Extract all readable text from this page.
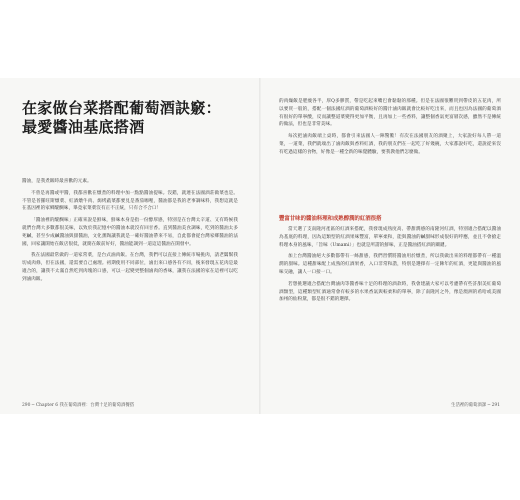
在家做台菜搭配葡萄酒訣竅：
最愛醬油基底搭酒

醬油，是我煮飯時最喜歡的元素。

不曾是再醬或甲醬，我都喜歡在燉煮的料理中加一點點醬油提味。沒錯，就連在法國酒莊做菜也是。不管是普羅旺斯燉菜、紅酒燉牛肉、焗烤蔬菜都要見是番茄咖哩，醬油都是我的老事調味料，我想這就是在基因裡的家鄉醍醐味，畢竟家菜菜沒有正不正統，只有合不合口！

「醬油裡的醍醐味」正確來說是鮮味，鮮味本身是指一份醇厚感，特別是在台灣太辛道、又有時候我就們台灣大多數都很美味，以致於我記憶中的醬油本就沒有回甘香。直到醬油美食調味，吃到的醬油太多死鹹，甚至少成鹹醬油與甜醬油，文化薰陶讓我就是一確好醬油帶來不易，自此都會從台灣家鄉醬油的法國，回家讓開始在飯店很低，就簡在飯前好好，醬油能調到一道這這醬油在開發中。

我在法國最常做的一道家常菜，是台式滷肉飯。在台灣，我們可以直接上傳統市場挑肉，請老闆幫我切成肉條，但在法國，還需要自己處理。初期使用不同部位，滷出來口感各有不同，後來發現五花肉是最適合的，讓我不太滿自然吃到肉塊的口感，可以一起變更整個滷肉的香味，讓我在法國的家在這裡可以吃到滷肉飯。

290 ─ Chapter 6 我在葡萄酒裡：台灣十足的葡萄酒餐搭

的肉燥飯是肥瘦各半，厚Q多膠質，帶是吃起來嘴巴會黏黏的那種。但是在法國很難買到帶皮的五花肉，所以要買一般的，搭配一個法國紅酒的葡萄酒較好的醬汁滷肉飯就會比較好吃出來，而且也因為法國的葡萄酒有很好的單寧酸，反而讓整道菜變得更加平衡，且再加上一些香料，讓整個香氣更富層次感，雖然不是傳統的做法，但也是非常美味。

每次把滷肉飯端上桌時，都會引來法國人一陣驚歎！有次在法國朋友的酒聚上，大家說好每人帶一道菜，一道菜，我們就端出了滷肉飯與香料紅酒，我的朋友們在一起吃了好幾碗，大家都說好吃，還說從來沒有吃過這樣的食物，好像是一種全新的味覺體驗，要我教他們怎麼做。

豐富甘味的醬油料理和成熟醇潤的紅酒很搭

當天選了支南隆河產區的紅酒來搭配，我發現成熟度高、帶甜潤感的南隆河紅酒，特別適合搭配以醬油為基底的料理，因為這類型的紅酒果味豐富，單寧柔和，能與醬油的鹹甜味形成很好的呼應，並且不會搶走料理本身的風味，「旨味（Umami）」也就是所謂的鮮味，正是醬油搭紅酒的關鍵。

加上台灣醬油絕大多數都帶有一絲甜感，我們習慣將醬油用於燉煮，所以我做出來的料理都帶有一種溫潤的甜味。這種甜味配上成熟的紅酒果香，入口非常和諧，特別是選擇有一定陳年的紅酒，更能與醬油的風味交融，讓人一口接一口。

若想挑選適合搭配台灣滷肉等醬香味十足的料理的酒款時，我會建議大家可以考慮帶有些許甜美紅葡萄酒類型，這種類型紅酒通常會有較多的水果香氣與較柔和的單寧，除了南隆河之外，像是澳洲的希哈或美國加州的仙粉黛，都是很不錯的選擇。

生活裡的葡萄酒課 ─ 291
